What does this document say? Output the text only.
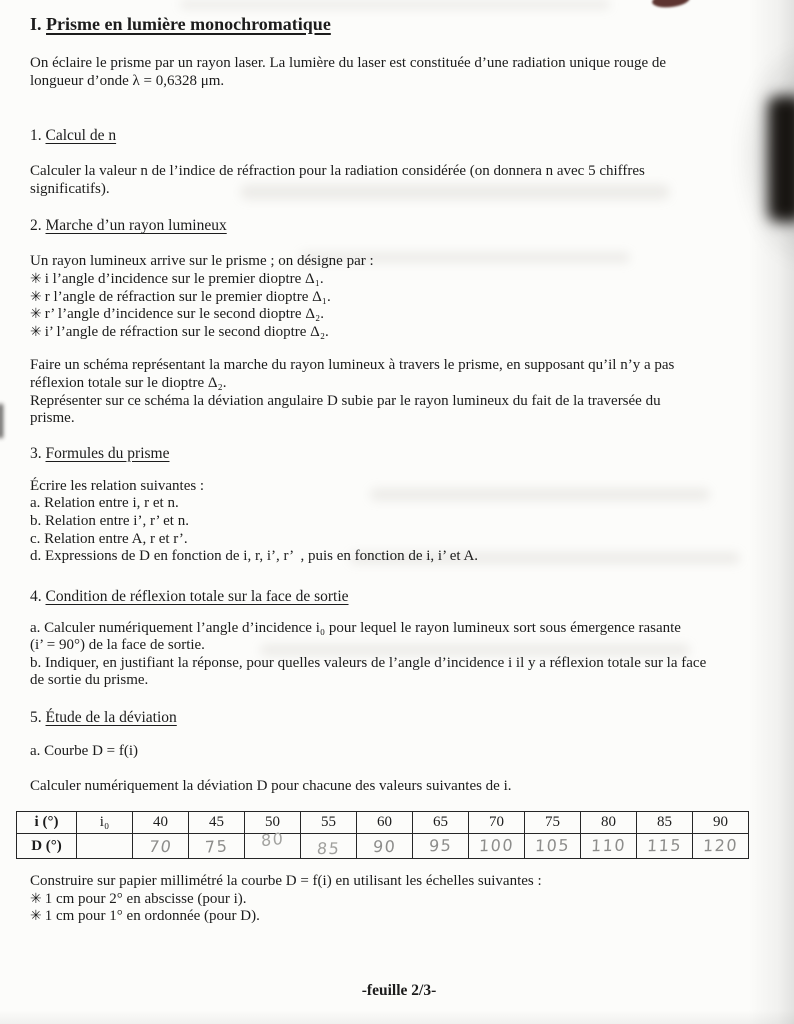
I. Prisme en lumière monochromatique
On éclaire le prisme par un rayon laser. La lumière du laser est constituée d’une radiation unique rouge de
longueur d’onde λ = 0,6328 μm.
1. Calcul de n
Calculer la valeur n de l’indice de réfraction pour la radiation considérée (on donnera n avec 5 chiffres
significatifs).
2. Marche d’un rayon lumineux
Un rayon lumineux arrive sur le prisme ; on désigne par :
✳ i l’angle d’incidence sur le premier dioptre Δ₁.
✳ r l’angle de réfraction sur le premier dioptre Δ₁.
✳ r’ l’angle d’incidence sur le second dioptre Δ₂.
✳ i’ l’angle de réfraction sur le second dioptre Δ₂.
Faire un schéma représentant la marche du rayon lumineux à travers le prisme, en supposant qu’il n’y a pas
réflexion totale sur le dioptre Δ₂.
Représenter sur ce schéma la déviation angulaire D subie par le rayon lumineux du fait de la traversée du
prisme.
3. Formules du prisme
Écrire les relation suivantes :
a. Relation entre i, r et n.
b. Relation entre i’, r’ et n.
c. Relation entre A, r et r’.
d. Expressions de D en fonction de i, r, i’, r’  , puis en fonction de i, i’ et A.
4. Condition de réflexion totale sur la face de sortie
a. Calculer numériquement l’angle d’incidence i₀ pour lequel le rayon lumineux sort sous émergence rasante
(i’ = 90°) de la face de sortie.
b. Indiquer, en justifiant la réponse, pour quelles valeurs de l’angle d’incidence i il y a réflexion totale sur la face
de sortie du prisme.
5. Étude de la déviation
a. Courbe D = f(i)
Calculer numériquement la déviation D pour chacune des valeurs suivantes de i.
i (°)	i₀	40	45	50	55	60	65	70	75	80	85	90
D (°)		70	75	80	85	90	95	100	105	110	115	120
Construire sur papier millimétré la courbe D = f(i) en utilisant les échelles suivantes :
✳ 1 cm pour 2° en abscisse (pour i).
✳ 1 cm pour 1° en ordonnée (pour D).
-feuille 2/3-
